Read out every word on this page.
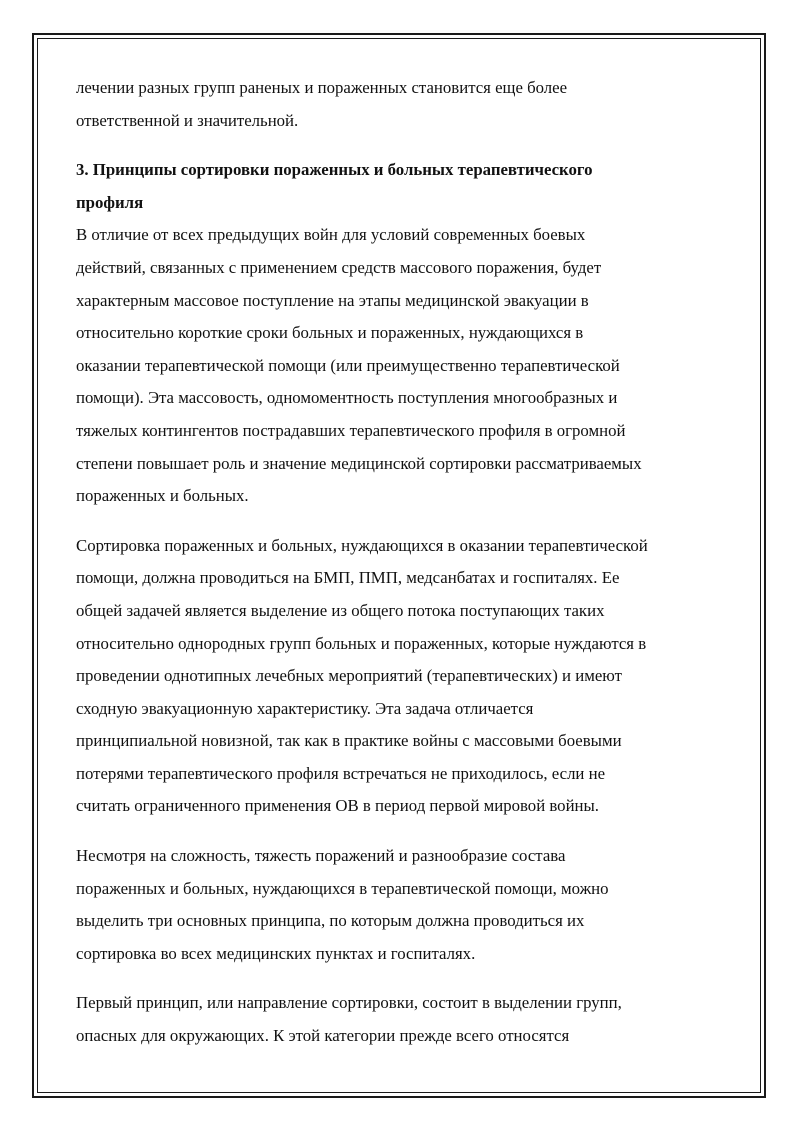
лечении разных групп раненых и пораженных становится еще более
ответственной и значительной.

3. Принципы сортировки пораженных и больных терапевтического
профиля

В отличие от всех предыдущих войн для условий современных боевых
действий, связанных с применением средств массового поражения, будет
характерным массовое поступление на этапы медицинской эвакуации в
относительно короткие сроки больных и пораженных, нуждающихся в
оказании терапевтической помощи (или преимущественно терапевтической
помощи). Эта массовость, одномоментность поступления многообразных и
тяжелых контингентов пострадавших терапевтического профиля в огромной
степени повышает роль и значение медицинской сортировки рассматриваемых
пораженных и больных.

Сортировка пораженных и больных, нуждающихся в оказании терапевтической
помощи, должна проводиться на БМП, ПМП, медсанбатах и госпиталях. Ее
общей задачей является выделение из общего потока поступающих таких
относительно однородных групп больных и пораженных, которые нуждаются в
проведении однотипных лечебных мероприятий (терапевтических) и имеют
сходную эвакуационную характеристику. Эта задача отличается
принципиальной новизной, так как в практике войны с массовыми боевыми
потерями терапевтического профиля встречаться не приходилось, если не
считать ограниченного применения ОВ в период первой мировой войны.

Несмотря на сложность, тяжесть поражений и разнообразие состава
пораженных и больных, нуждающихся в терапевтической помощи, можно
выделить три основных принципа, по которым должна проводиться их
сортировка во всех медицинских пунктах и госпиталях.

Первый принцип, или направление сортировки, состоит в выделении групп,
опасных для окружающих. К этой категории прежде всего относятся
